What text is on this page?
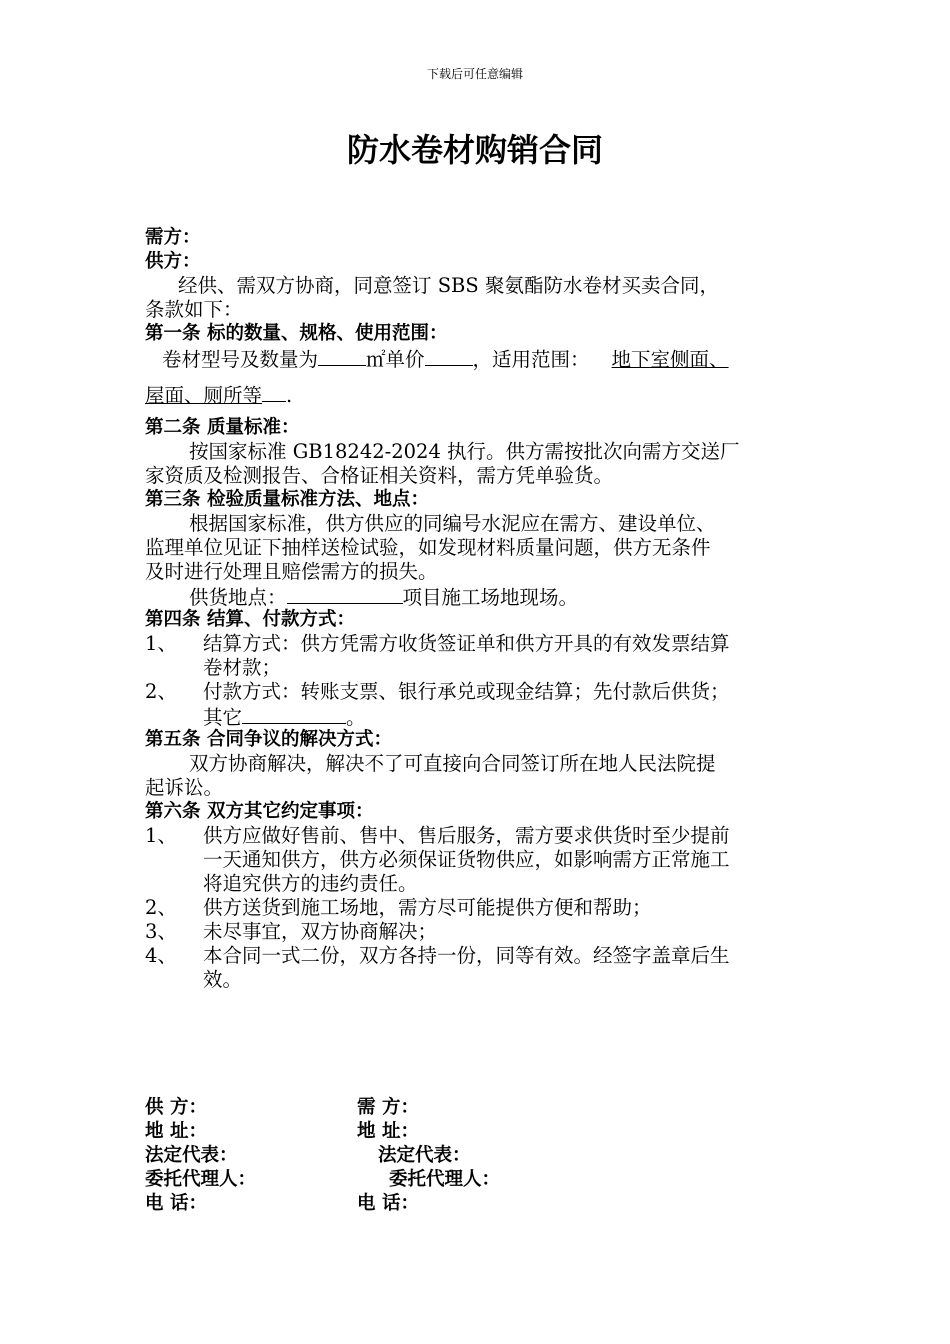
下载后可任意编辑
防水卷材购销合同
需方：
供方：
经供、需双方协商，同意签订 SBS 聚氨酯防水卷材买卖合同，
条款如下：
第一条 标的数量、规格、使用范围：
卷材型号及数量为 ㎡单价 ，适用范围： 地下室侧面、
屋面、厕所等 .
第二条 质量标准：
按国家标准 GB18242-2024 执行。供方需按批次向需方交送厂
家资质及检测报告、合格证相关资料，需方凭单验货。
第三条 检验质量标准方法、地点：
根据国家标准，供方供应的同编号水泥应在需方、建设单位、
监理单位见证下抽样送检试验，如发现材料质量问题，供方无条件
及时进行处理且赔偿需方的损失。
供货地点：	项目施工场地现场。
第四条 结算、付款方式：
1、	结算方式：供方凭需方收货签证单和供方开具的有效发票结算
卷材款；
2、	付款方式：转账支票、银行承兑或现金结算；先付款后供货；
其它	。
第五条 合同争议的解决方式：
双方协商解决，解决不了可直接向合同签订所在地人民法院提
起诉讼。
第六条 双方其它约定事项：
1、	供方应做好售前、售中、售后服务，需方要求供货时至少提前
一天通知供方，供方必须保证货物供应，如影响需方正常施工
将追究供方的违约责任。
2、	供方送货到施工场地，需方尽可能提供方便和帮助；
3、	未尽事宜，双方协商解决；
4、	本合同一式二份，双方各持一份，同等有效。经签字盖章后生
效。
供 方：	需 方：
地 址：	地 址：
法定代表：	法定代表：
委托代理人：	委托代理人：
电 话：	电 话：
